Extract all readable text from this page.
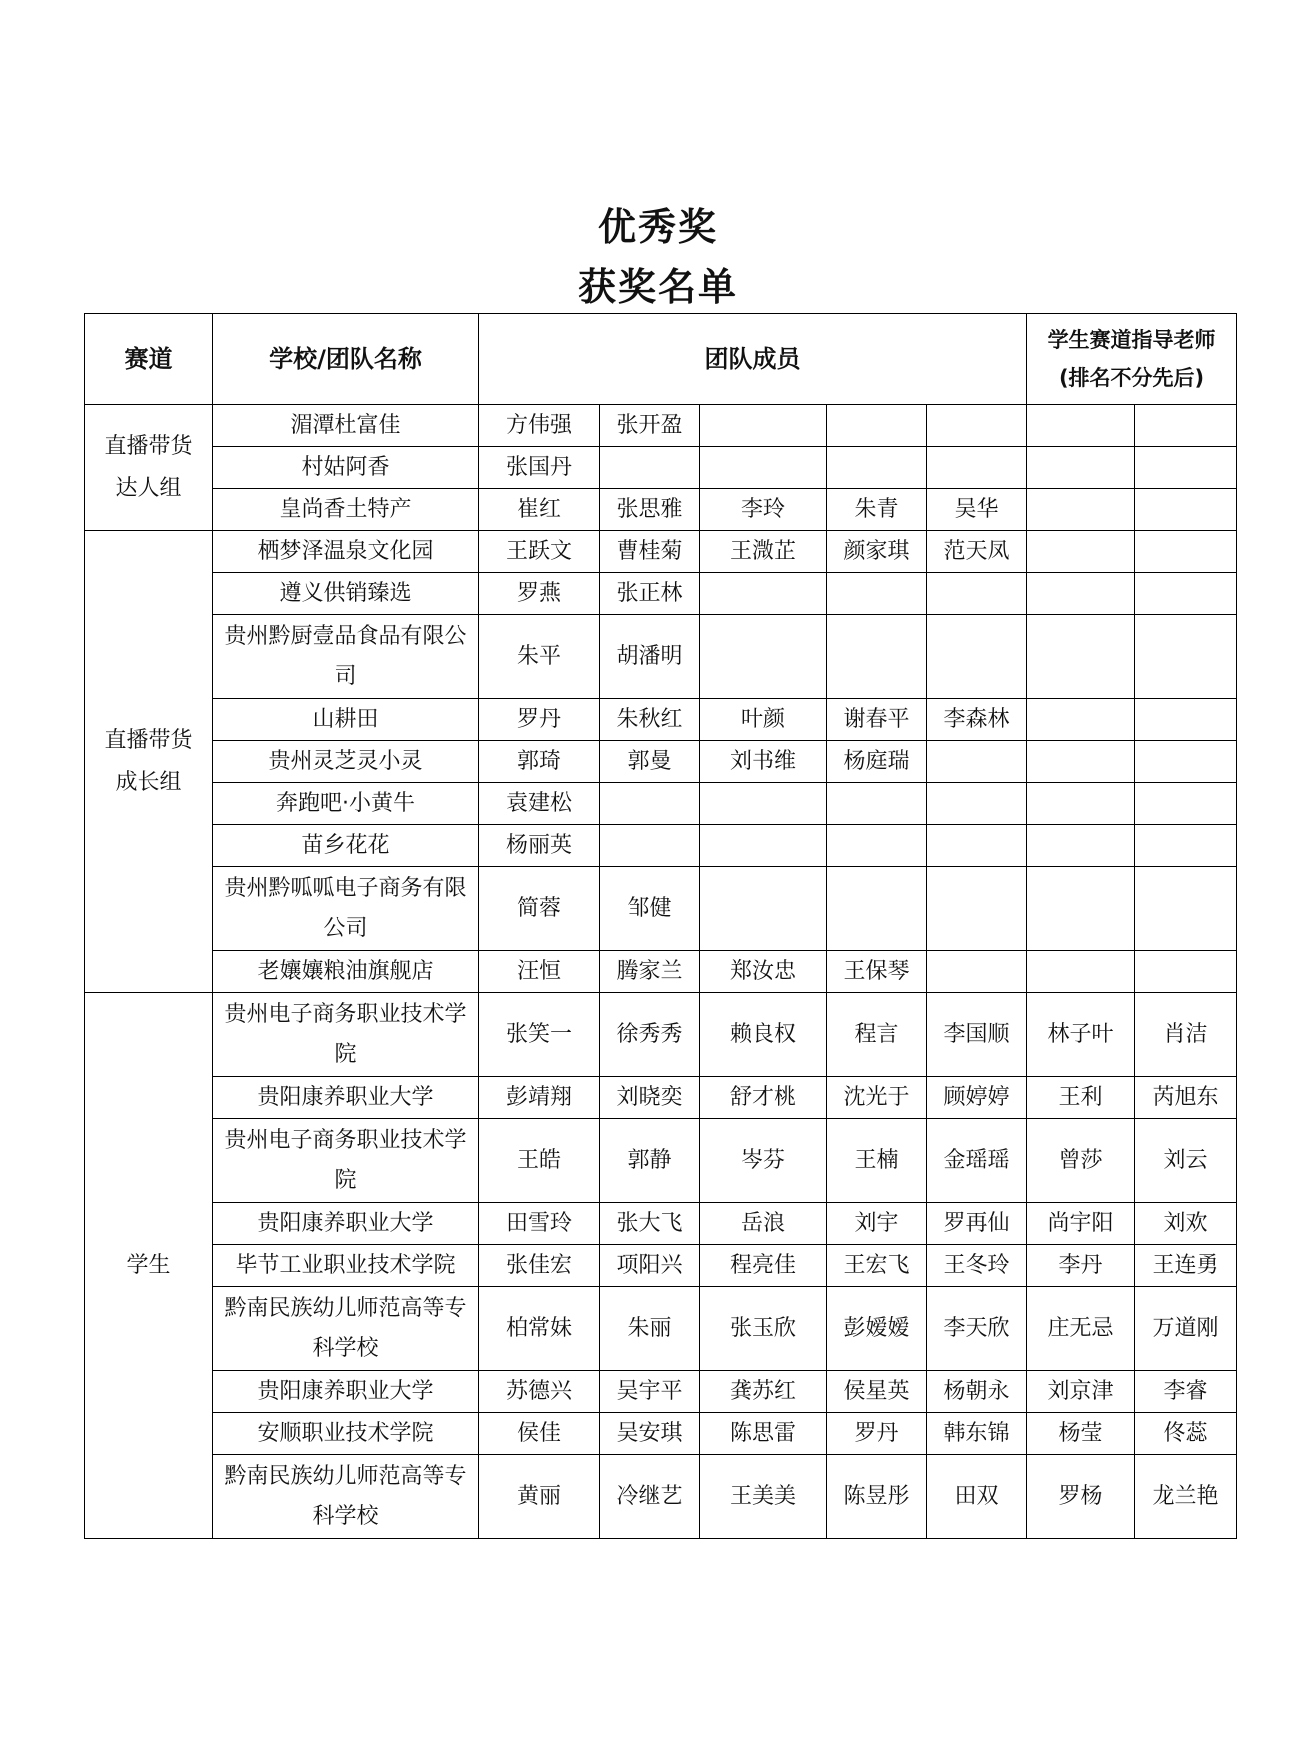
优秀奖
获奖名单
赛道	学校/团队名称	团队成员					学生赛道指导老师
(排名不分先后)	

直播带货
达人组	湄潭杜富佳	方伟强	张开盈					
	村姑阿香	张国丹						
	皇尚香土特产	崔红	张思雅	李玲	朱青	吴华		
直播带货
成长组	栖梦泽温泉文化园	王跃文	曹桂菊	王溦芷	颜家琪	范天凤		
	遵义供销臻选	罗燕	张正林					
	贵州黔厨壹品食品有限公司	朱平	胡潘明					
	山耕田	罗丹	朱秋红	叶颜	谢春平	李森林		
	贵州灵芝灵小灵	郭琦	郭曼	刘书维	杨庭瑞			
	奔跑吧·小黄牛	袁建松						
	苗乡花花	杨丽英						
	贵州黔呱呱电子商务有限公司	简蓉	邹健					
	老孃孃粮油旗舰店	汪恒	腾家兰	郑汝忠	王保琴			
学生	贵州电子商务职业技术学院	张笑一	徐秀秀	赖良权	程言	李国顺	林子叶	肖洁
	贵阳康养职业大学	彭靖翔	刘晓奕	舒才桃	沈光于	顾婷婷	王利	芮旭东
	贵州电子商务职业技术学院	王皓	郭静	岑芬	王楠	金瑶瑶	曾莎	刘云
	贵阳康养职业大学	田雪玲	张大飞	岳浪	刘宇	罗再仙	尚宇阳	刘欢
	毕节工业职业技术学院	张佳宏	项阳兴	程亮佳	王宏飞	王冬玲	李丹	王连勇
	黔南民族幼儿师范高等专科学校	柏常妹	朱丽	张玉欣	彭嫒嫒	李天欣	庄无忌	万道刚
	贵阳康养职业大学	苏德兴	吴宇平	龚苏红	侯星英	杨朝永	刘京津	李睿
	安顺职业技术学院	侯佳	吴安琪	陈思雷	罗丹	韩东锦	杨莹	佟蕊
	黔南民族幼儿师范高等专科学校	黄丽	冷继艺	王美美	陈昱彤	田双	罗杨	龙兰艳
